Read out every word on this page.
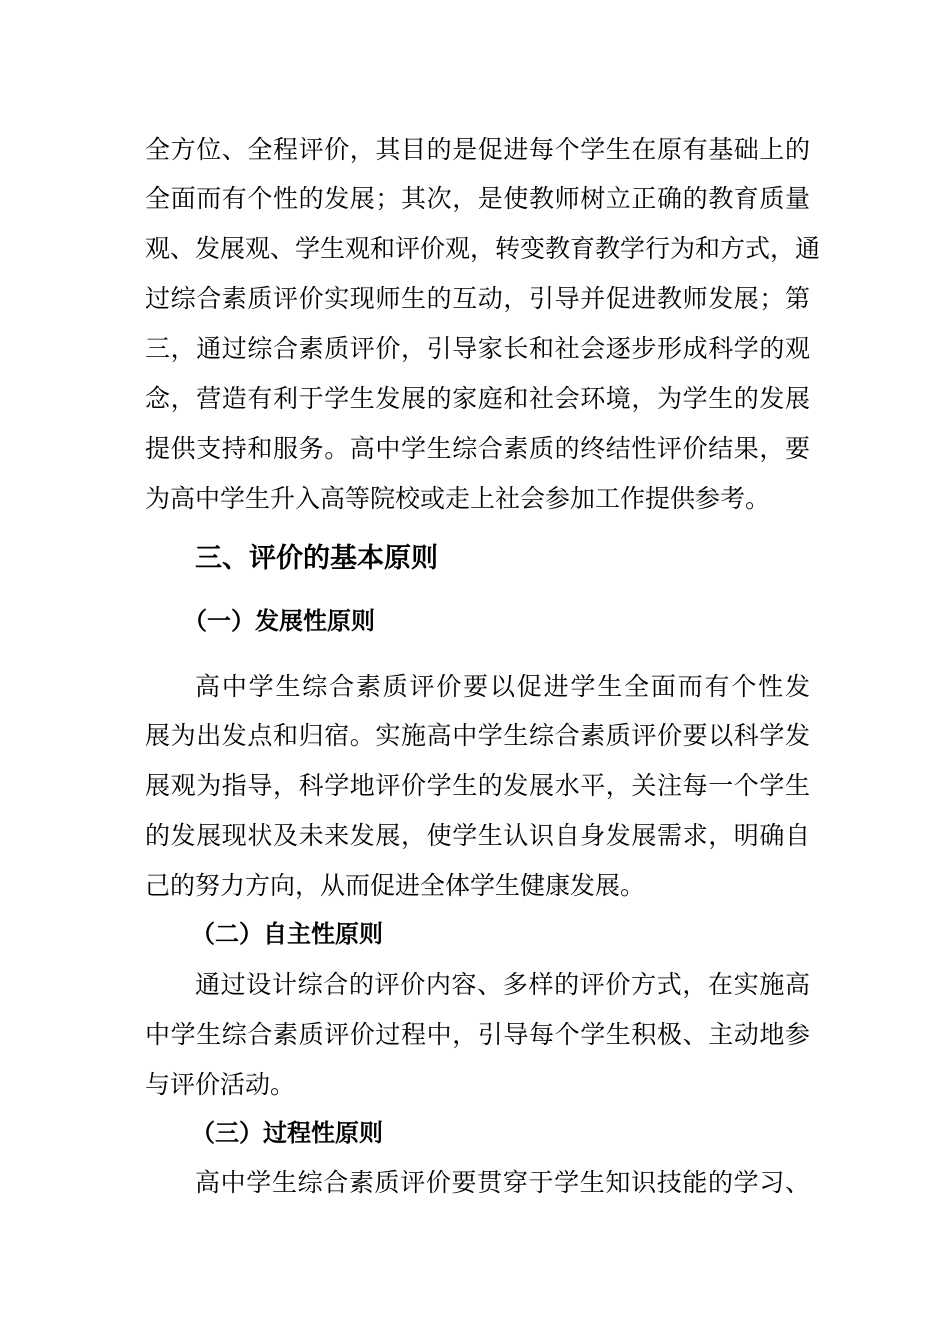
全方位、全程评价，其目的是促进每个学生在原有基础上的
全面而有个性的发展；其次，是使教师树立正确的教育质量
观、发展观、学生观和评价观，转变教育教学行为和方式，通
过综合素质评价实现师生的互动，引导并促进教师发展；第
三，通过综合素质评价，引导家长和社会逐步形成科学的观
念，营造有利于学生发展的家庭和社会环境，为学生的发展
提供支持和服务。高中学生综合素质的终结性评价结果，要
为高中学生升入高等院校或走上社会参加工作提供参考。
三、评价的基本原则
（一）发展性原则
高中学生综合素质评价要以促进学生全面而有个性发
展为出发点和归宿。实施高中学生综合素质评价要以科学发
展观为指导，科学地评价学生的发展水平，关注每一个学生
的发展现状及未来发展，使学生认识自身发展需求，明确自
己的努力方向，从而促进全体学生健康发展。
（二）自主性原则
通过设计综合的评价内容、多样的评价方式，在实施高
中学生综合素质评价过程中，引导每个学生积极、主动地参
与评价活动。
（三）过程性原则
高中学生综合素质评价要贯穿于学生知识技能的学习、
